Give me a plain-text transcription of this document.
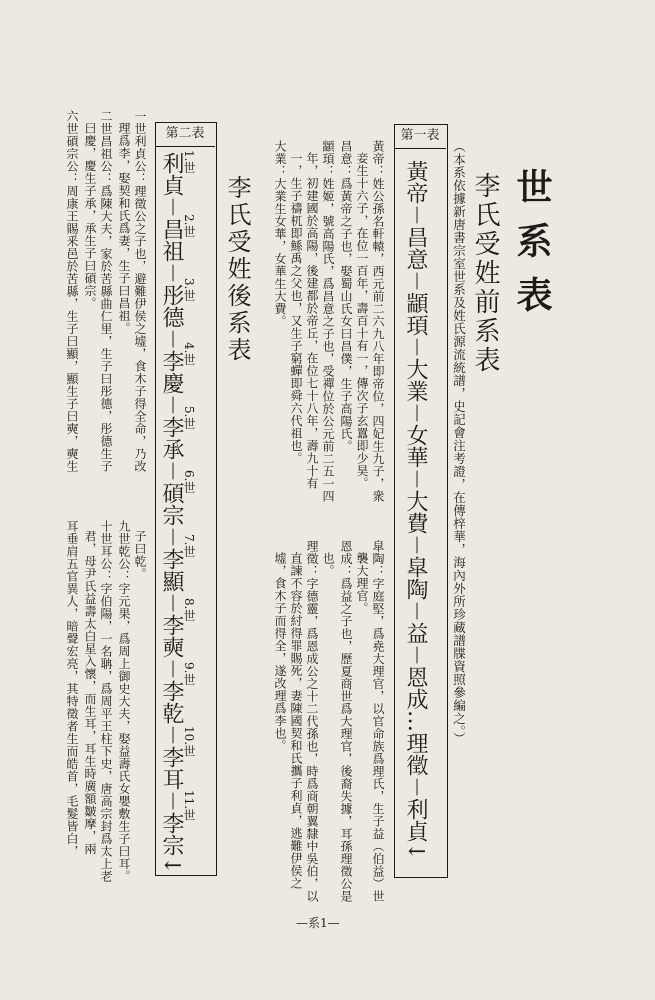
世系表
李氏受姓前系表
（本系依據新唐書宗室世系及姓氏源流統譜，史記會注考證，在傳梓華，海內外所珍藏譜牒資照參編之。）
第一表
黃帝－昌意－顓頊－大業－女華－大費－皐陶－益－恩成…理徵－利貞↓
黃帝：姓公孫名軒轅，西元前二六九八年即帝位，四妃生九子，衆
妾生十六子，在位一百年，壽百十有一，傳次子玄囂即少昊。
昌意：爲黃帝之子也，娶蜀山氏女曰昌僕，生子高陽氏。
顓頊：姓姬，號高陽氏，爲昌意之子也，受禪位於公元前二五一四
年，初建國於高陽，後建都於帝丘，在位七十八年，壽九十有
一，生子禱杌即鯀禹之父也，又生子窮蟬即舜六代祖也。
大業：大業生女華，女華生大費。
皐陶：字庭堅，爲堯大理官，以官命族爲理氏，生子益（伯益）世
襲大理官。
恩成：爲益之子也，歷夏商世爲大理官，後裔失據，耳孫理徵公是
也。
理徵：字德靈，爲恩成公之十二代孫也，時爲商朝翼隸中吳伯，以
直諫不容於紂得罪賜死，妻陳國契和氏攜子利貞，逃難伊侯之
墟，食木子而得全，遂改理爲李也。
李氏受姓後系表
第二表
1.世
2.世
3.世
4.世
5.世
6.世
7.世
8.世
9.世
10.世
11.世
利貞－昌祖－彤德－李慶－李承－碩宗－李顯－李奭－李乾－李耳－李宗↓
一世利貞公：理徵公之子也，避難伊侯之墟，食木子得全命，乃改
理爲李，娶契和氏爲妻，生子曰昌祖。
二世昌祖公：爲陳大夫，家於苦縣曲仁里，生子曰彤德，彤德生子
曰慶，慶生子承，承生子曰碩宗。
六世碩宗公：周康王賜釆邑於苦縣，生子曰顯，顯生子曰奭，奭生
子曰乾。
九世乾公：字元果，爲周上御史大夫，娶益壽氏女嬰敷生子曰耳。
十世耳公：字伯陽，一名聃，爲周平王柱下史，唐高宗封爲太上老
君，母尹氏益壽太白星入懷，而生耳，耳生時廣額皺摩，兩
耳垂肩五官異人，暗聲宏亮，其特徵者生而皓首，毛髮皆白，
—系1—
